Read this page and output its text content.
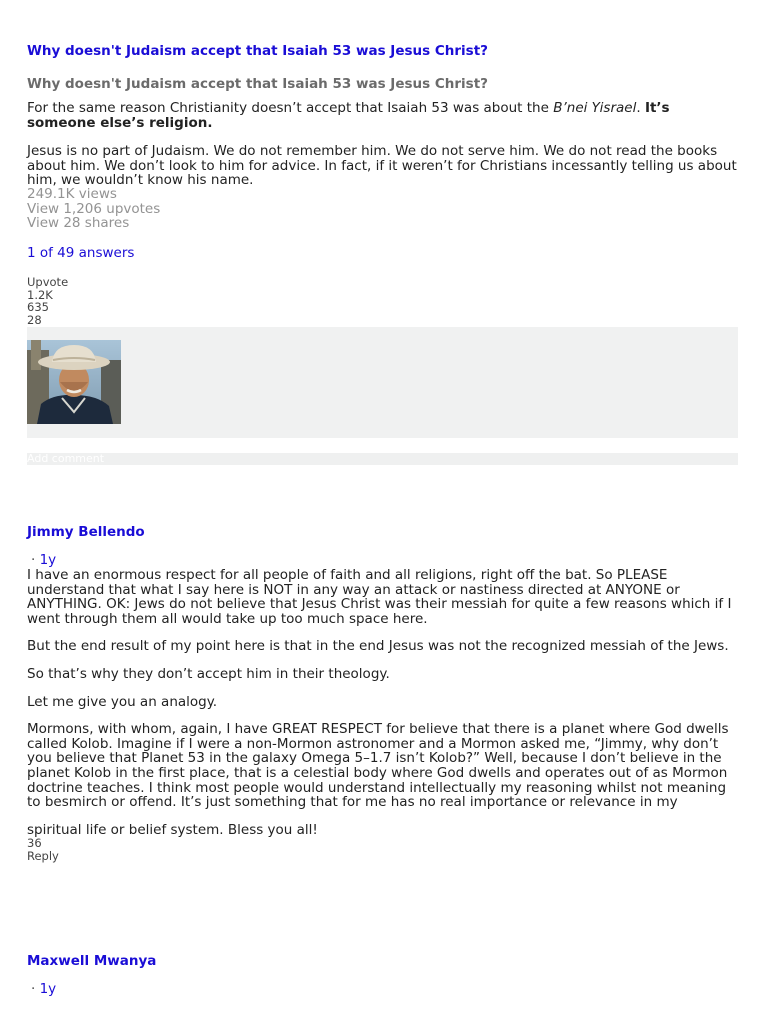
Why doesn't Judaism accept that Isaiah 53 was Jesus Christ?
Why doesn't Judaism accept that Isaiah 53 was Jesus Christ?
For the same reason Christianity doesn’t accept that Isaiah 53 was about the B’nei Yisrael. It’s someone else’s religion.
Jesus is no part of Judaism. We do not remember him. We do not serve him. We do not read the books about him. We don’t look to him for advice. In fact, if it weren’t for Christians incessantly telling us about him, we wouldn’t know his name.
249.1K views
View 1,206 upvotes
View 28 shares
1 of 49 answers
Upvote
1.2K
635
28
Add comment
Jimmy Bellendo
· 1y

I have an enormous respect for all people of faith and all religions, right off the bat. So PLEASE understand that what I say here is NOT in any way an attack or nastiness directed at ANYONE or ANYTHING. OK: Jews do not believe that Jesus Christ was their messiah for quite a few reasons which if I went through them all would take up too much space here.

But the end result of my point here is that in the end Jesus was not the recognized messiah of the Jews.

So that’s why they don’t accept him in their theology.

Let me give you an analogy.

Mormons, with whom, again, I have GREAT RESPECT for believe that there is a planet where God dwells called Kolob. Imagine if I were a non-Mormon astronomer and a Mormon asked me, “Jimmy, why don’t you believe that Planet 53 in the galaxy Omega 5–1.7 isn’t Kolob?” Well, because I don’t believe in the planet Kolob in the first place, that is a celestial body where God dwells and operates out of as Mormon doctrine teaches. I think most people would understand intellectually my reasoning whilst not meaning to besmirch or offend. It’s just something that for me has no real importance or relevance in my

spiritual life or belief system. Bless you all!

36
Reply
Maxwell Mwanya
· 1y
